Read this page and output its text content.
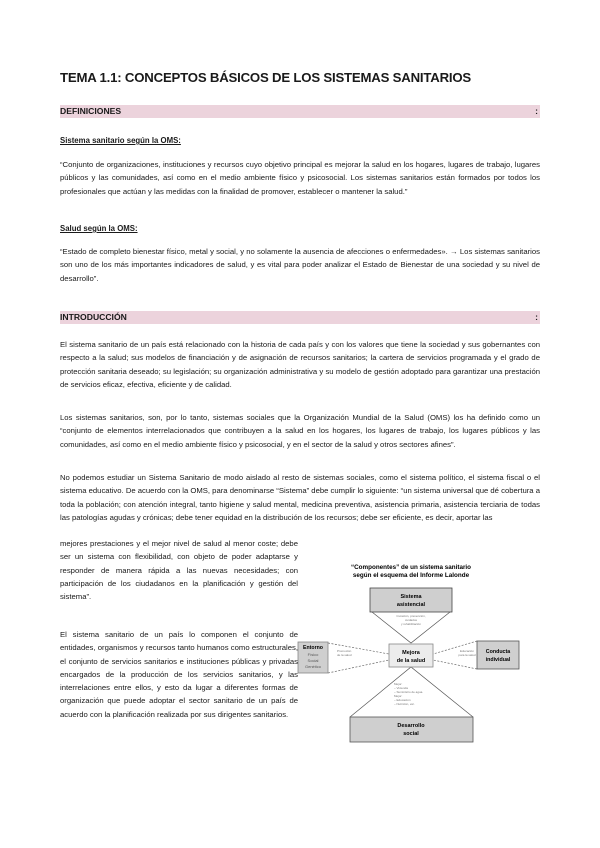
TEMA 1.1: CONCEPTOS BÁSICOS DE LOS SISTEMAS SANITARIOS
DEFINICIONES	:
Sistema sanitario según la OMS:

“Conjunto de organizaciones, instituciones y recursos cuyo objetivo principal es mejorar la salud en los hogares, lugares de trabajo, lugares públicos y las comunidades, así como en el medio ambiente físico y psicosocial. Los sistemas sanitarios están formados por todos los profesionales que actúan y las medidas con la finalidad de promover, establecer o mantener la salud.”

Salud según la OMS:

“Estado de completo bienestar físico, metal y social, y no solamente la ausencia de afecciones o enfermedades». → Los sistemas sanitarios son uno de los más importantes indicadores de salud, y es vital para poder analizar el Estado de Bienestar de una sociedad y su nivel de desarrollo”.

INTRODUCCIÓN	:

El sistema sanitario de un país está relacionado con la historia de cada país y con los valores que tiene la sociedad y sus gobernantes con respecto a la salud; sus modelos de financiación y de asignación de recursos sanitarios; la cartera de servicios programada y el grado de protección sanitaria deseado; su legislación; su organización administrativa y su modelo de gestión adoptado para garantizar una prestación de servicios eficaz, efectiva, eficiente y de calidad.

Los sistemas sanitarios, son, por lo tanto, sistemas sociales que la Organización Mundial de la Salud (OMS) los ha definido como un “conjunto de elementos interrelacionados que contribuyen a la salud en los hogares, los lugares de trabajo, los lugares públicos y las comunidades, así como en el medio ambiente físico y psicosocial, y en el sector de la salud y otros sectores afines”.

No podemos estudiar un Sistema Sanitario de modo aislado al resto de sistemas sociales, como el sistema político, el sistema fiscal o el sistema educativo. De acuerdo con la OMS, para denominarse “Sistema” debe cumplir lo siguiente: “un sistema universal que dé cobertura a toda la población; con atención integral, tanto higiene y salud mental, medicina preventiva, asistencia primaria, asistencia terciaria de todas las patologías agudas y crónicas; debe tener equidad en la distribución de los recursos; debe ser eficiente, es decir, aportar las

mejores prestaciones y el mejor nivel de salud al menor coste; debe ser un sistema con flexibilidad, con objeto de poder adaptarse y responder de manera rápida a las nuevas necesidades; con participación de los ciudadanos en la planificación y gestión del sistema”.

El sistema sanitario de un país lo componen el conjunto de entidades, organismos y recursos tanto humanos como estructurales, el conjunto de servicios sanitarios e instituciones públicas y privadas encargados de la producción de los servicios sanitarios, y las interrelaciones entre ellos, y esto da lugar a diferentes formas de organización que puede adoptar el sector sanitario de un país de acuerdo con la planificación realizada por sus dirigentes sanitarios.

“Componentes” de un sistema sanitario
según el esquema del Informe Lalonde
Sistema
asistencial
Curación, prevención,
cuidados
y rehabilitación
Mejora
de la salud
Entorno
Físico
Social
Genético
Promoción
de la salud	Conducta
individual
Educación
para la salud
Mejor:
– Vivienda
– Suministro de agua.
Mejor:
– Educación
– Nutrición, etc.
Desarrollo
social
